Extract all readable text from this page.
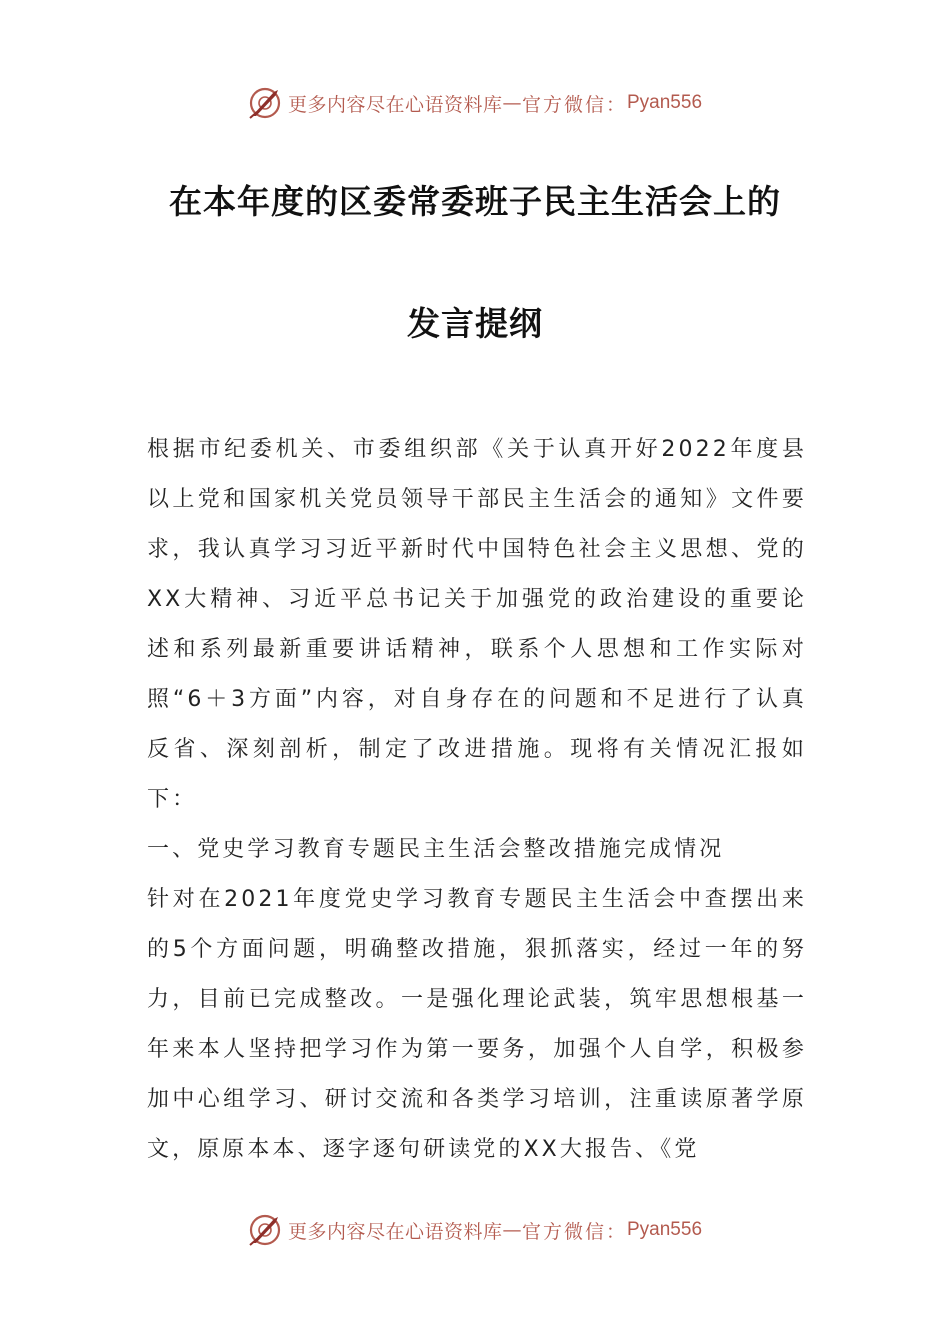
更多内容尽在心语资料库 — 官方微信： Pyan556
在本年度的区委常委班子民主生活会上的
发言提纲

根据市纪委机关、市委组织部《关于认真开好2022年度县以上党和国家机关党员领导干部民主生活会的通知》文件要求，我认真学习习近平新时代中国特色社会主义思想、党的XX大精神、习近平总书记关于加强党的政治建设的重要论述和系列最新重要讲话精神，联系个人思想和工作实际对照“6＋3方面”内容，对自身存在的问题和不足进行了认真反省、深刻剖析，制定了改进措施。现将有关情况汇报如下：

一、党史学习教育专题民主生活会整改措施完成情况

针对在2021年度党史学习教育专题民主生活会中查摆出来的5个方面问题，明确整改措施，狠抓落实，经过一年的努力，目前已完成整改。一是强化理论武装，筑牢思想根基一年来本人坚持把学习作为第一要务，加强个人自学，积极参加中心组学习、研讨交流和各类学习培训，注重读原著学原文，原原本本、逐字逐句研读党的XX大报告、《党

更多内容尽在心语资料库 — 官方微信： Pyan556
